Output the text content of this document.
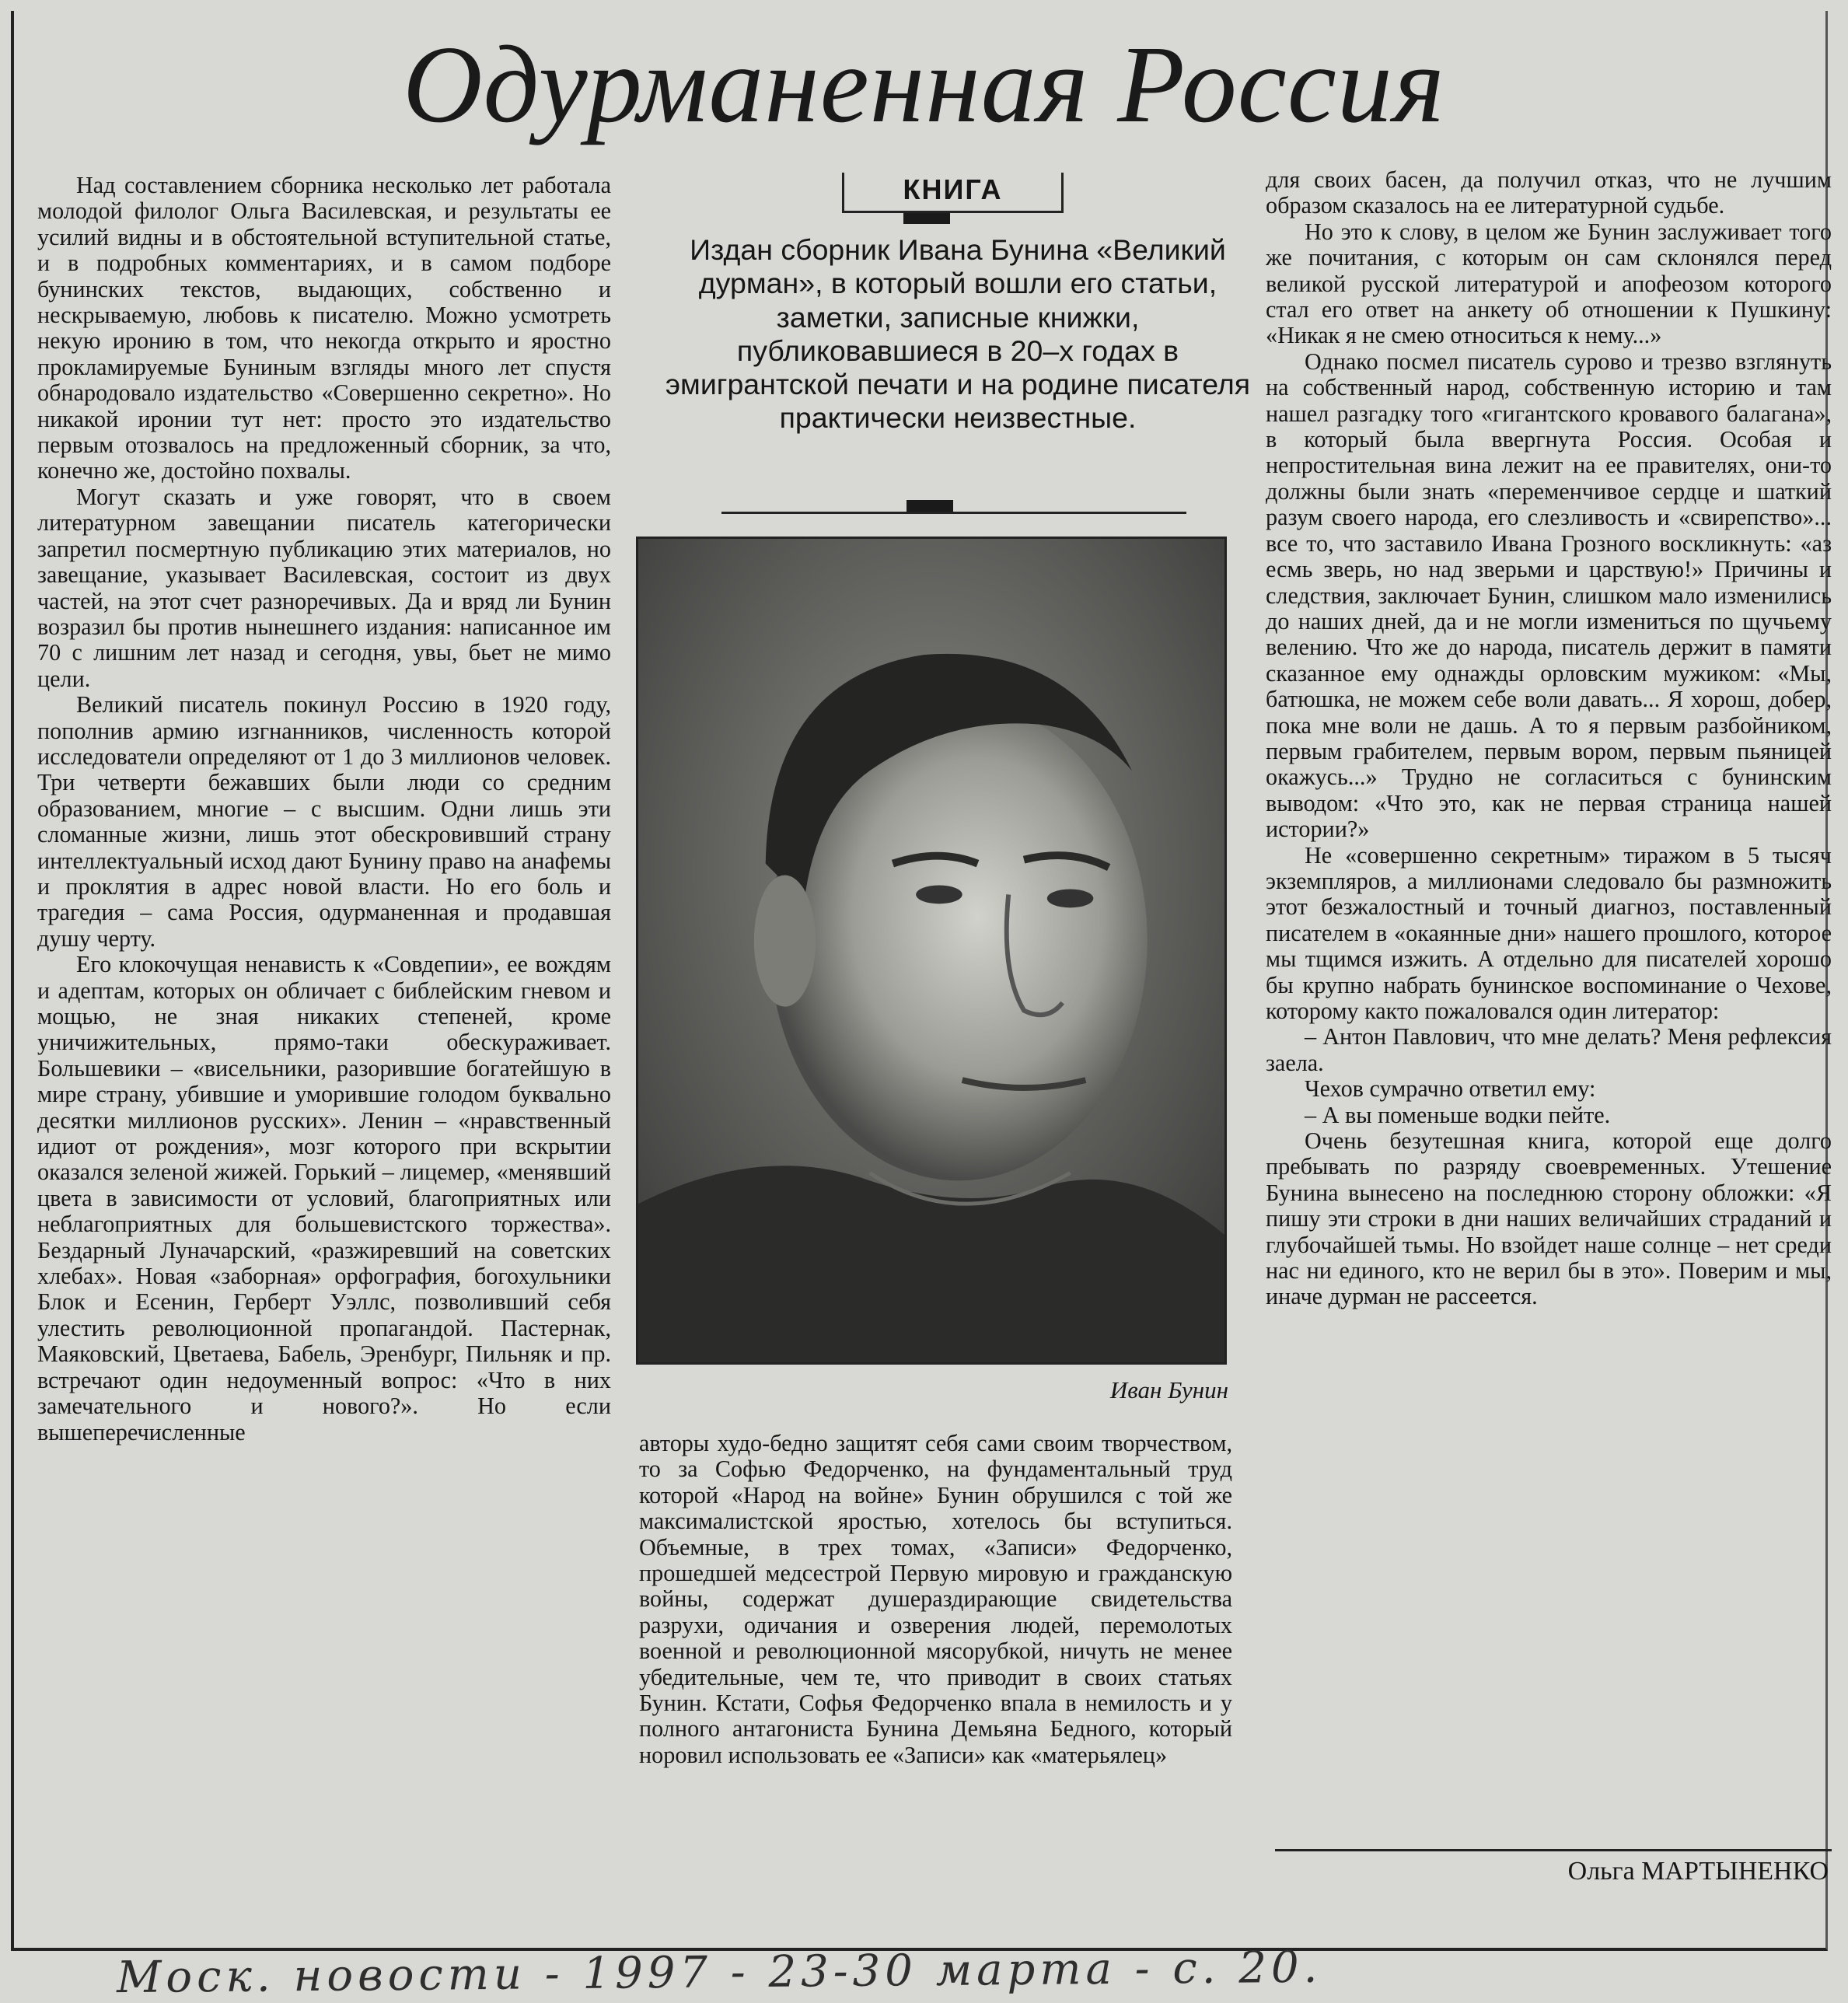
Одурманенная Россия

Над составлением сборника несколько лет работала молодой филолог Ольга Василевская, и результаты ее усилий видны и в обстоятельной вступительной статье, и в подробных комментариях, и в самом подборе бунинских текстов, выдающих, собственно и нескрываемую, любовь к писателю. Можно усмотреть некую иронию в том, что некогда открыто и яростно прокламируемые Буниным взгляды много лет спустя обнародовало издательство «Совершенно секретно». Но никакой иронии тут нет: просто это издательство первым отозвалось на предложенный сборник, за что, конечно же, достойно похвалы.

Могут сказать и уже говорят, что в своем литературном завещании писатель категорически запретил посмертную публикацию этих материалов, но завещание, указывает Василевская, состоит из двух частей, на этот счет разноречивых. Да и вряд ли Бунин возразил бы против нынешнего издания: написанное им 70 с лишним лет назад и сегодня, увы, бьет не мимо цели.

Великий писатель покинул Россию в 1920 году, пополнив армию изгнанников, численность которой исследователи определяют от 1 до 3 миллионов человек. Три четверти бежавших были люди со средним образованием, многие – с высшим. Одни лишь эти сломанные жизни, лишь этот обескровивший страну интеллектуальный исход дают Бунину право на анафемы и проклятия в адрес новой власти. Но его боль и трагедия – сама Россия, одурманенная и продавшая душу черту.

Его клокочущая ненависть к «Совдепии», ее вождям и адептам, которых он обличает с библейским гневом и мощью, не зная никаких степеней, кроме уничижительных, прямо-таки обескураживает. Большевики – «висельники, разорившие богатейшую в мире страну, убившие и уморившие голодом буквально десятки миллионов русских». Ленин – «нравственный идиот от рождения», мозг которого при вскрытии оказался зеленой жижей. Горький – лицемер, «менявший цвета в зависимости от условий, благоприятных или неблагоприятных для большевистского торжества». Бездарный Луначарский, «разжиревший на советских хлебах». Новая «заборная» орфография, богохульники Блок и Есенин, Герберт Уэллс, позволивший себя улестить революционной пропагандой. Пастернак, Маяковский, Цветаева, Бабель, Эренбург, Пильняк и пр. встречают один недоуменный вопрос: «Что в них замечательного и нового?». Но если вышеперечисленные

КНИГА

Издан сборник Ивана Бунина «Великий дурман», в который вошли его статьи, заметки, записные книжки, публиковавшиеся в 20–х годах в эмигрантской печати и на родине писателя практически неизвестные.

Иван Бунин

авторы худо-бедно защитят себя сами своим творчеством, то за Софью Федорченко, на фундаментальный труд которой «Народ на войне» Бунин обрушился с той же максималистской яростью, хотелось бы вступиться. Объемные, в трех томах, «Записи» Федорченко, прошедшей медсестрой Первую мировую и гражданскую войны, содержат душераздирающие свидетельства разрухи, одичания и озверения людей, перемолотых военной и революционной мясорубкой, ничуть не менее убедительные, чем те, что приводит в своих статьях Бунин. Кстати, Софья Федорченко впала в немилость и у полного антагониста Бунина Демьяна Бедного, который норовил использовать ее «Записи» как «матерьялец»

для своих басен, да получил отказ, что не лучшим образом сказалось на ее литературной судьбе.

Но это к слову, в целом же Бунин заслуживает того же почитания, с которым он сам склонялся перед великой русской литературой и апофеозом которого стал его ответ на анкету об отношении к Пушкину: «Никак я не смею относиться к нему...»

Однако посмел писатель сурово и трезво взглянуть на собственный народ, собственную историю и там нашел разгадку того «гигантского кровавого балагана», в который была ввергнута Россия. Особая и непростительная вина лежит на ее правителях, они-то должны были знать «переменчивое сердце и шаткий разум своего народа, его слезливость и «свирепство»... все то, что заставило Ивана Грозного воскликнуть: «аз есмь зверь, но над зверьми и царствую!» Причины и следствия, заключает Бунин, слишком мало изменились до наших дней, да и не могли измениться по щучьему велению. Что же до народа, писатель держит в памяти сказанное ему однажды орловским мужиком: «Мы, батюшка, не можем себе воли давать... Я хорош, добер, пока мне воли не дашь. А то я первым разбойником, первым грабителем, первым вором, первым пьяницей окажусь...» Трудно не согласиться с бунинским выводом: «Что это, как не первая страница нашей истории?»

Не «совершенно секретным» тиражом в 5 тысяч экземпляров, а миллионами следовало бы размножить этот безжалостный и точный диагноз, поставленный писателем в «окаянные дни» нашего прошлого, которое мы тщимся изжить. А отдельно для писателей хорошо бы крупно набрать бунинское воспоминание о Чехове, которому както пожаловался один литератор:

– Антон Павлович, что мне делать? Меня рефлексия заела.

Чехов сумрачно ответил ему:

– А вы поменьше водки пейте.

Очень безутешная книга, которой еще долго пребывать по разряду своевременных. Утешение Бунина вынесено на последнюю сторону обложки: «Я пишу эти строки в дни наших величайших страданий и глубочайшей тьмы. Но взойдет наше солнце – нет среди нас ни единого, кто не верил бы в это». Поверим и мы, иначе дурман не рассеется.

Ольга МАРТЫНЕНКО
Моск. новости - 1997 - 23-30 марта - с. 20.
